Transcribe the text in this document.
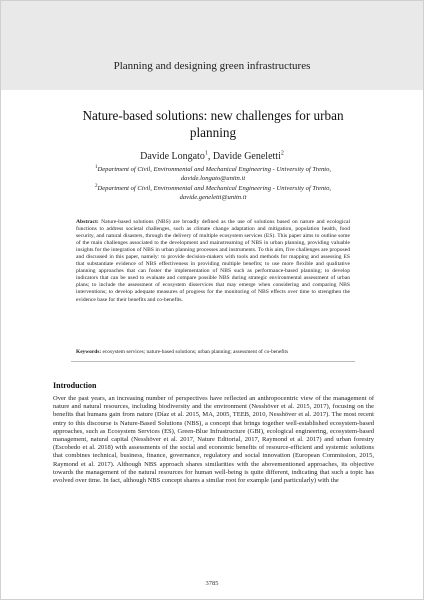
Planning and designing green infrastructures
Nature-based solutions: new challenges for urban
planning
Davide Longato$^1$, Davide Geneletti$^2$
$^1$Department of Civil, Environmental and Mechanical Engineering - University of Trento,
davide.longato@unitn.it
$^2$Department of Civil, Environmental and Mechanical Engineering - University of Trento,
davide.geneletti@unitn.it

Abstract: Nature-based solutions (NBS) are broadly defined as the use of solutions based on nature and ecological functions to address societal challenges, such as climate change adaptation and mitigation, population health, food security, and natural disasters, through the delivery of multiple ecosystem services (ES). This paper aims to outline some of the main challenges associated to the development and mainstreaming of NBS in urban planning, providing valuable insights for the integration of NBS in urban planning processes and instruments. To this aim, five challenges are proposed and discussed in this paper, namely: to provide decision-makers with tools and methods for mapping and assessing ES that substantiate evidence of NBS effectiveness in providing multiple benefits; to use more flexible and qualitative planning approaches that can foster the implementation of NBS such as performance-based planning; to develop indicators that can be used to evaluate and compare possible NBS during strategic environmental assessment of urban plans; to include the assessment of ecosystem disservices that may emerge when considering and comparing NBS interventions; to develop adequate measures of progress for the monitoring of NBS effects over time to strengthen the evidence base for their benefits and co-benefits.

Keywords: ecosystem services; nature-based solutions; urban planning; assessment of co-benefits
Introduction

Over the past years, an increasing number of perspectives have reflected an anthropocentric view of the management of nature and natural resources, including biodiversity and the environment (Nesshöver et al. 2015, 2017), focusing on the benefits that humans gain from nature (Díaz et al. 2015, MA, 2005, TEEB, 2010, Nesshöver et al. 2017). The most recent entry to this discourse is Nature-Based Solutions (NBS), a concept that brings together well-established ecosystem-based approaches, such as Ecosystem Services (ES), Green-Blue Infrastructure (GBI), ecological engineering, ecosystem-based management, natural capital (Nesshöver et al. 2017, Nature Editorial, 2017, Raymond et al. 2017) and urban forestry (Escobedo et al. 2018) with assessments of the social and economic benefits of resource-efficient and systemic solutions that combines technical, business, finance, governance, regulatory and social innovation (European Commission, 2015, Raymond et al. 2017). Although NBS approach shares similarities with the abovementioned approaches, its objective towards the management of the natural resources for human well-being is quite different, indicating that such a topic has evolved over time. In fact, although NBS concept shares a similar root for example (and particularly) with the

3785
